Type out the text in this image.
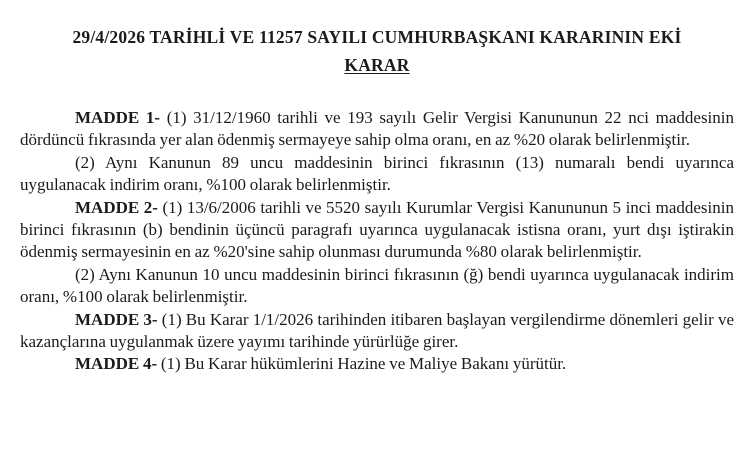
29/4/2026 TARİHLİ VE 11257 SAYILI CUMHURBAŞKANI KARARININ EKİ
KARAR

MADDE 1- (1) 31/12/1960 tarihli ve 193 sayılı Gelir Vergisi Kanununun 22 nci maddesinin dördüncü fıkrasında yer alan ödenmiş sermayeye sahip olma oranı, en az %20 olarak belirlenmiştir.

(2) Aynı Kanunun 89 uncu maddesinin birinci fıkrasının (13) numaralı bendi uyarınca uygulanacak indirim oranı, %100 olarak belirlenmiştir.

MADDE 2- (1) 13/6/2006 tarihli ve 5520 sayılı Kurumlar Vergisi Kanununun 5 inci maddesinin birinci fıkrasının (b) bendinin üçüncü paragrafı uyarınca uygulanacak istisna oranı, yurt dışı iştirakin ödenmiş sermayesinin en az %20'sine sahip olunması durumunda %80 olarak belirlenmiştir.

(2) Aynı Kanunun 10 uncu maddesinin birinci fıkrasının (ğ) bendi uyarınca uygulanacak indirim oranı, %100 olarak belirlenmiştir.

MADDE 3- (1) Bu Karar 1/1/2026 tarihinden itibaren başlayan vergilendirme dönemleri gelir ve kazançlarına uygulanmak üzere yayımı tarihinde yürürlüğe girer.

MADDE 4- (1) Bu Karar hükümlerini Hazine ve Maliye Bakanı yürütür.
